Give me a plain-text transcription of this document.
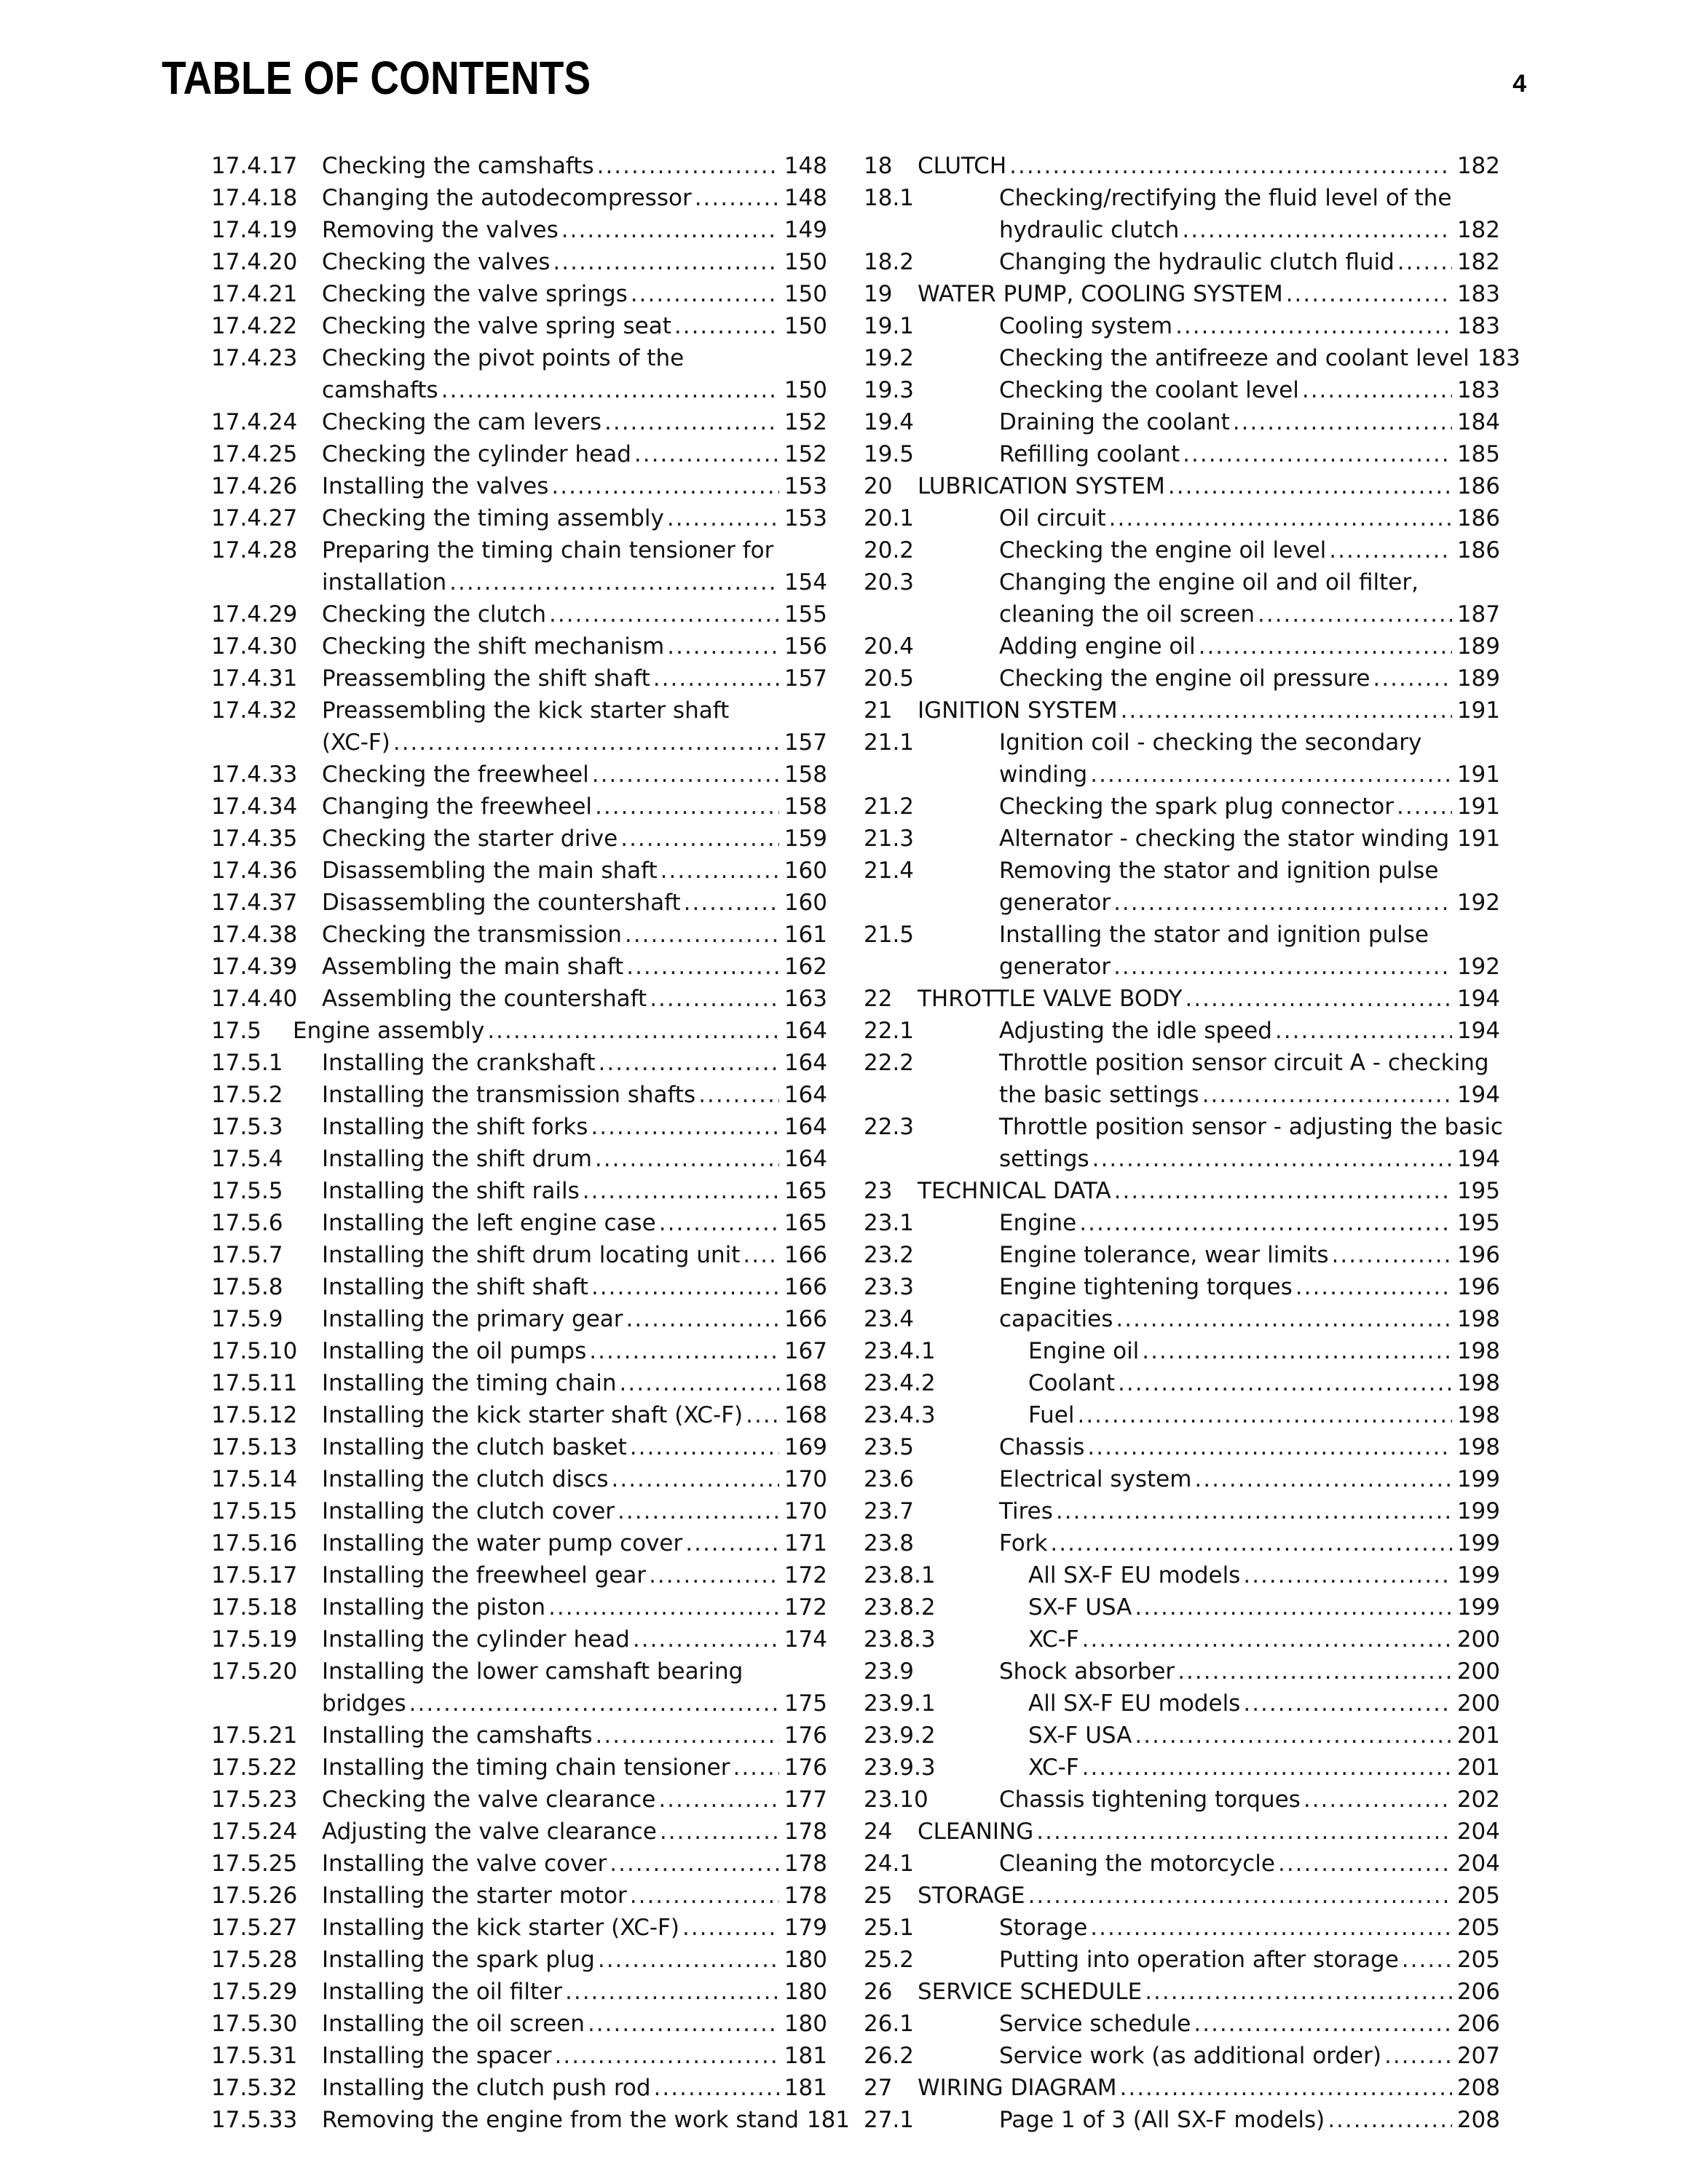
TABLE OF CONTENTS	4
17.4.17 Checking the camshafts .....	148
17.4.18 Changing the autodecompressor .....	148
17.4.19 Removing the valves .....	149
17.4.20 Checking the valves .....	150
17.4.21 Checking the valve springs .....	150
17.4.22 Checking the valve spring seat .....	150
17.4.23 Checking the pivot points of the
camshafts .....	150
17.4.24 Checking the cam levers .....	152
17.4.25 Checking the cylinder head .....	152
17.4.26 Installing the valves .....	153
17.4.27 Checking the timing assembly .....	153
17.4.28 Preparing the timing chain tensioner for
installation .....	154
17.4.29 Checking the clutch .....	155
17.4.30 Checking the shift mechanism .....	156
17.4.31 Preassembling the shift shaft .....	157
17.4.32 Preassembling the kick starter shaft
(XC-F) .....	157
17.4.33 Checking the freewheel .....	158
17.4.34 Changing the freewheel .....	158
17.4.35 Checking the starter drive .....	159
17.4.36 Disassembling the main shaft .....	160
17.4.37 Disassembling the countershaft .....	160
17.4.38 Checking the transmission .....	161
17.4.39 Assembling the main shaft .....	162
17.4.40 Assembling the countershaft .....	163
17.5 Engine assembly .....	164
17.5.1 Installing the crankshaft .....	164
17.5.2 Installing the transmission shafts .....	164
17.5.3 Installing the shift forks .....	164
17.5.4 Installing the shift drum .....	164
17.5.5 Installing the shift rails .....	165
17.5.6 Installing the left engine case .....	165
17.5.7 Installing the shift drum locating unit ..... 166
17.5.8 Installing the shift shaft .....	166
17.5.9 Installing the primary gear .....	166
17.5.10 Installing the oil pumps .....	167
17.5.11 Installing the timing chain .....	168
17.5.12 Installing the kick starter shaft (XC-F) ..... 168
17.5.13 Installing the clutch basket .....	169
17.5.14 Installing the clutch discs .....	170
17.5.15 Installing the clutch cover .....	170
17.5.16 Installing the water pump cover .....	171
17.5.17 Installing the freewheel gear .....	172
17.5.18 Installing the piston .....	172
17.5.19 Installing the cylinder head .....	174
17.5.20 Installing the lower camshaft bearing
bridges .....	175
17.5.21 Installing the camshafts .....	176
17.5.22 Installing the timing chain tensioner ..... 176
17.5.23 Checking the valve clearance .....	177
17.5.24 Adjusting the valve clearance .....	178
17.5.25 Installing the valve cover .....	178
17.5.26 Installing the starter motor .....	178
17.5.27 Installing the kick starter (XC-F) .....	179
17.5.28 Installing the spark plug .....	180
17.5.29 Installing the oil filter .....	180
17.5.30 Installing the oil screen .....	180
17.5.31 Installing the spacer .....	181
17.5.32 Installing the clutch push rod .....	181
17.5.33 Removing the engine from the work stand 181
18 CLUTCH .....	182
18.1	Checking/rectifying the fluid level of the
hydraulic clutch .....	182
18.2	Changing the hydraulic clutch fluid .....	182
19 WATER PUMP, COOLING SYSTEM .....	183
19.1	Cooling system .....	183
19.2	Checking the antifreeze and coolant level 183
19.3	Checking the coolant level .....	183
19.4	Draining the coolant .....	184
19.5	Refilling coolant .....	185
20 LUBRICATION SYSTEM .....	186
20.1	Oil circuit .....	186
20.2	Checking the engine oil level .....	186
20.3	Changing the engine oil and oil filter,
cleaning the oil screen .....	187
20.4	Adding engine oil .....	189
20.5	Checking the engine oil pressure .....	189
21 IGNITION SYSTEM .....	191
21.1	Ignition coil - checking the secondary
winding .....	191
21.2	Checking the spark plug connector .....	191
21.3	Alternator - checking the stator winding 191
21.4	Removing the stator and ignition pulse
generator .....	192
21.5	Installing the stator and ignition pulse
generator .....	192
22 THROTTLE VALVE BODY .....	194
22.1	Adjusting the idle speed .....	194
22.2	Throttle position sensor circuit A - checking
the basic settings .....	194
22.3	Throttle position sensor - adjusting the basic
settings .....	194
23 TECHNICAL DATA .....	195
23.1	Engine .....	195
23.2	Engine tolerance, wear limits .....	196
23.3	Engine tightening torques .....	196
23.4	capacities .....	198
23.4.1	Engine oil .....	198
23.4.2	Coolant .....	198
23.4.3	Fuel .....	198
23.5	Chassis .....	198
23.6	Electrical system .....	199
23.7	Tires .....	199
23.8	Fork .....	199
23.8.1	All SX-F EU models .....	199
23.8.2	SX-F USA .....	199
23.8.3	XC-F .....	200
23.9	Shock absorber .....	200
23.9.1	All SX-F EU models .....	200
23.9.2	SX-F USA .....	201
23.9.3	XC-F .....	201
23.10	Chassis tightening torques .....	202
24 CLEANING .....	204
24.1	Cleaning the motorcycle .....	204
25 STORAGE .....	205
25.1	Storage .....	205
25.2	Putting into operation after storage .....	205
26 SERVICE SCHEDULE .....	206
26.1	Service schedule .....	206
26.2	Service work (as additional order) .....	207
27 WIRING DIAGRAM .....	208
27.1	Page 1 of 3 (All SX-F models) .....	208
